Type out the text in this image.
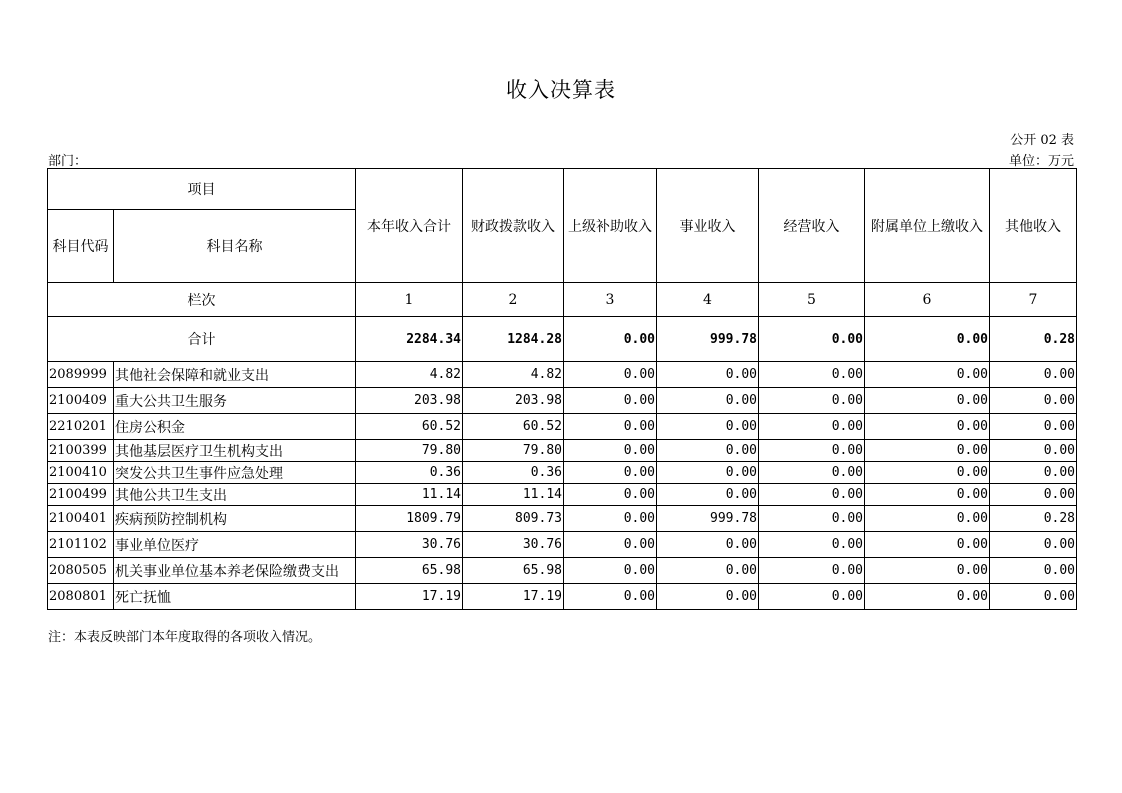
收入决算表
公开 02 表
部门：	单位：万元
项目		本年收入合计	财政拨款收入	上级补助收入	事业收入	经营收入	附属单位上缴收入	其他收入
科目代码	科目名称							
栏次		1	2	3	4	5	6	7
合计		2284.34	1284.28	0.00	999.78	0.00	0.00	0.28
2089999	其他社会保障和就业支出	4.82	4.82	0.00	0.00	0.00	0.00	0.00
2100409	重大公共卫生服务	203.98	203.98	0.00	0.00	0.00	0.00	0.00
2210201	住房公积金	60.52	60.52	0.00	0.00	0.00	0.00	0.00
2100399	其他基层医疗卫生机构支出	79.80	79.80	0.00	0.00	0.00	0.00	0.00
2100410	突发公共卫生事件应急处理	0.36	0.36	0.00	0.00	0.00	0.00	0.00
2100499	其他公共卫生支出	11.14	11.14	0.00	0.00	0.00	0.00	0.00
2100401	疾病预防控制机构	1809.79	809.73	0.00	999.78	0.00	0.00	0.28
2101102	事业单位医疗	30.76	30.76	0.00	0.00	0.00	0.00	0.00
2080505	机关事业单位基本养老保险缴费支出	65.98	65.98	0.00	0.00	0.00	0.00	0.00
2080801	死亡抚恤	17.19	17.19	0.00	0.00	0.00	0.00	0.00
注：本表反映部门本年度取得的各项收入情况。
